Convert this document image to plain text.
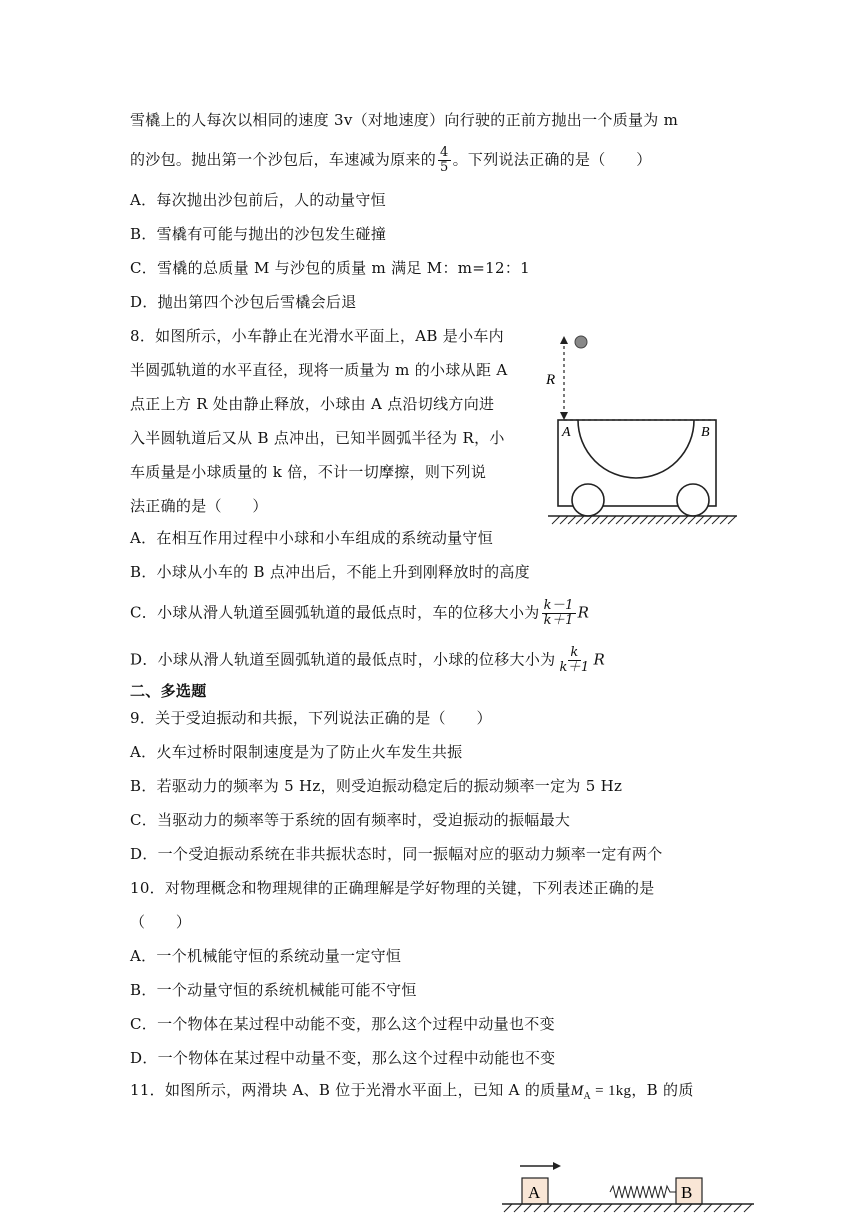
雪橇上的人每次以相同的速度 3v（对地速度）向行驶的正前方抛出一个质量为 m
的沙包。抛出第一个沙包后，车速减为原来的 $\frac{4}{5}$ 。下列说法正确的是（　　）
A．每次抛出沙包前后，人的动量守恒
B．雪橇有可能与抛出的沙包发生碰撞
C．雪橇的总质量 M 与沙包的质量 m 满足 M：m=12：1
D．抛出第四个沙包后雪橇会后退
8．如图所示，小车静止在光滑水平面上，AB 是小车内
半圆弧轨道的水平直径，现将一质量为 m 的小球从距 A
点正上方 R 处由静止释放，小球由 A 点沿切线方向进
入半圆轨道后又从 B 点冲出，已知半圆弧半径为 R，小
车质量是小球质量的 k 倍，不计一切摩擦，则下列说
法正确的是（　　）
R
A	B
A．在相互作用过程中小球和小车组成的系统动量守恒
B．小球从小车的 B 点冲出后，不能上升到刚释放时的高度
C．小球从滑人轨道至圆弧轨道的最低点时，车的位移大小为 $\frac{k-1}{k+1}$ R
D．小球从滑人轨道至圆弧轨道的最低点时，小球的位移大小为 $\frac{k}{k+1}$ R
二、多选题
9．关于受迫振动和共振，下列说法正确的是（　　）
A．火车过桥时限制速度是为了防止火车发生共振
B．若驱动力的频率为 5 Hz，则受迫振动稳定后的振动频率一定为 5 Hz
C．当驱动力的频率等于系统的固有频率时，受迫振动的振幅最大
D．一个受迫振动系统在非共振状态时，同一振幅对应的驱动力频率一定有两个
10．对物理概念和物理规律的正确理解是学好物理的关键，下列表述正确的是
（　　）
A．一个机械能守恒的系统动量一定守恒
B．一个动量守恒的系统机械能可能不守恒
C．一个物体在某过程中动能不变，那么这个过程中动量也不变
D．一个物体在某过程中动量不变，那么这个过程中动能也不变
11．如图所示，两滑块 A、B 位于光滑水平面上，已知 A 的质量$M_A = 1kg$，B 的质
A	B
